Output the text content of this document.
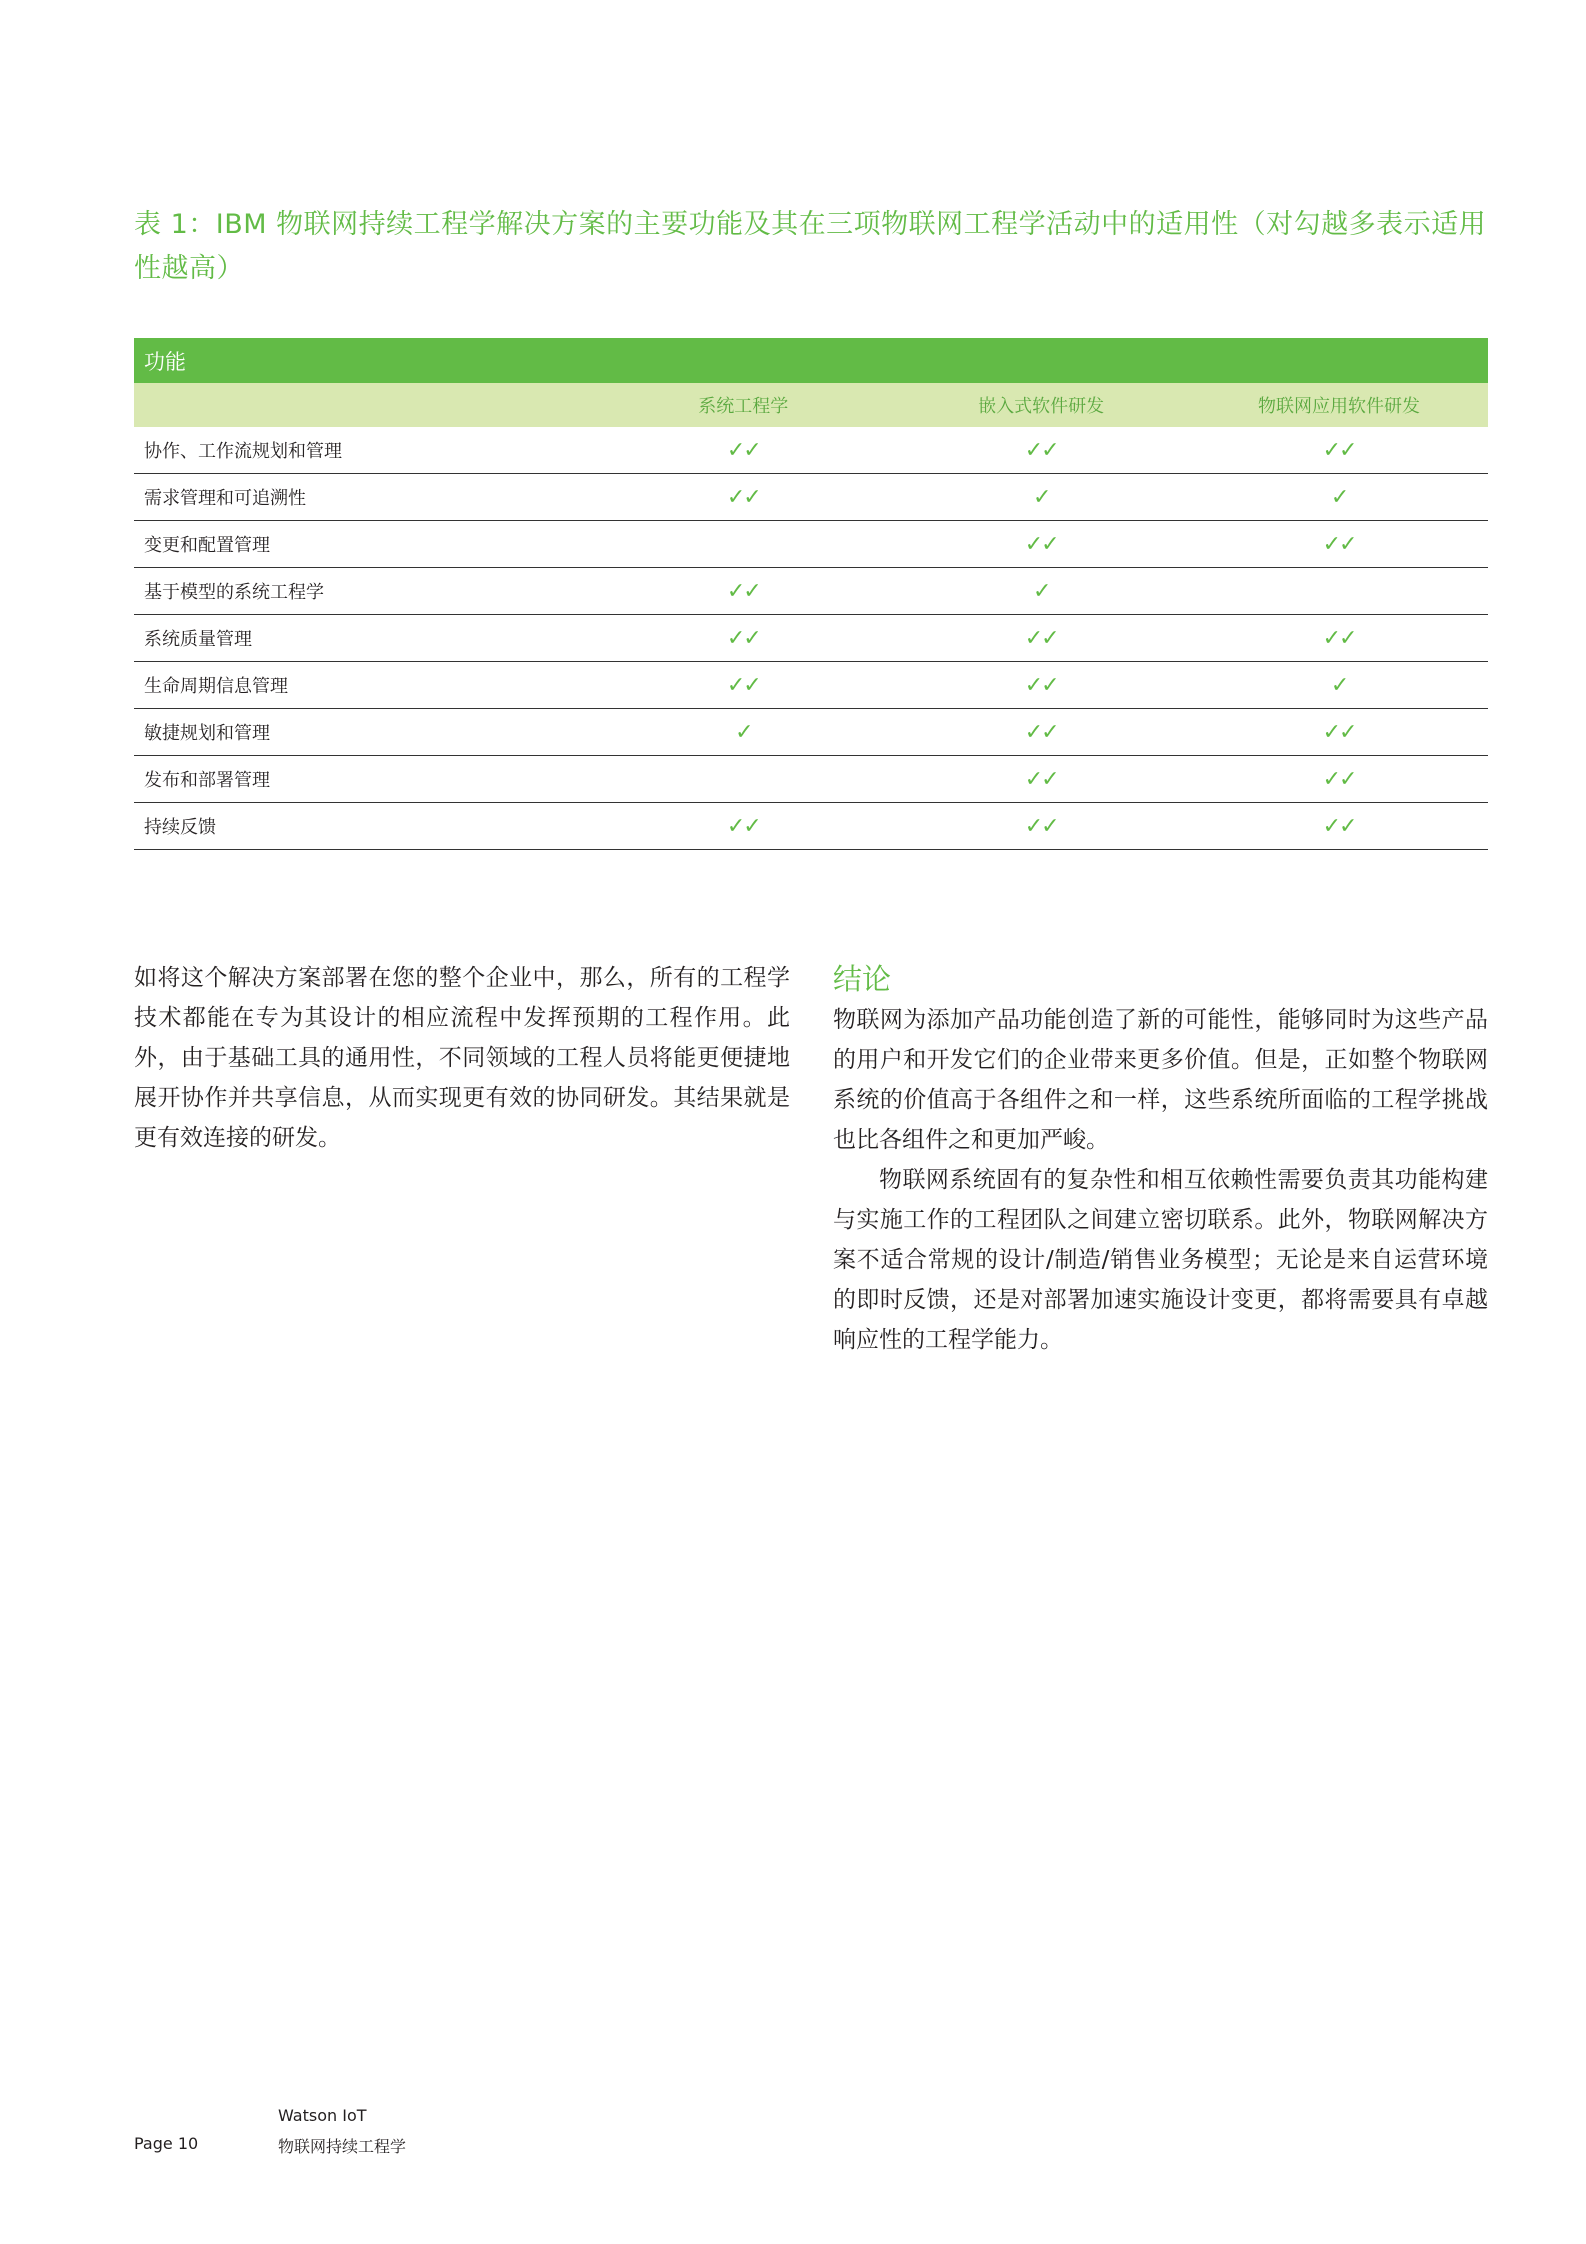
表 1：IBM 物联网持续工程学解决方案的主要功能及其在三项物联网工程学活动中的适用性（对勾越多表示适用性越高）
功能			
	系统工程学	嵌入式软件研发	物联网应用软件研发
协作、工作流规划和管理	✓✓	✓✓	✓✓
需求管理和可追溯性	✓✓	✓	✓
变更和配置管理		✓✓	✓✓
基于模型的系统工程学	✓✓	✓	
系统质量管理	✓✓	✓✓	✓✓
生命周期信息管理	✓✓	✓✓	✓
敏捷规划和管理	✓	✓✓	✓✓
发布和部署管理		✓✓	✓✓
持续反馈	✓✓	✓✓	✓✓

如将这个解决方案部署在您的整个企业中，那么，所有的工程学技术都能在专为其设计的相应流程中发挥预期的工程作用。此外，由于基础工具的通用性，不同领域的工程人员将能更便捷地展开协作并共享信息，从而实现更有效的协同研发。其结果就是更有效连接的研发。

结论

物联网为添加产品功能创造了新的可能性，能够同时为这些产品的用户和开发它们的企业带来更多价值。但是，正如整个物联网系统的价值高于各组件之和一样，这些系统所面临的工程学挑战也比各组件之和更加严峻。

物联网系统固有的复杂性和相互依赖性需要负责其功能构建与实施工作的工程团队之间建立密切联系。此外，物联网解决方案不适合常规的设计/制造/销售业务模型；无论是来自运营环境的即时反馈，还是对部署加速实施设计变更，都将需要具有卓越响应性的工程学能力。

Watson IoT
Page 10	物联网持续工程学
